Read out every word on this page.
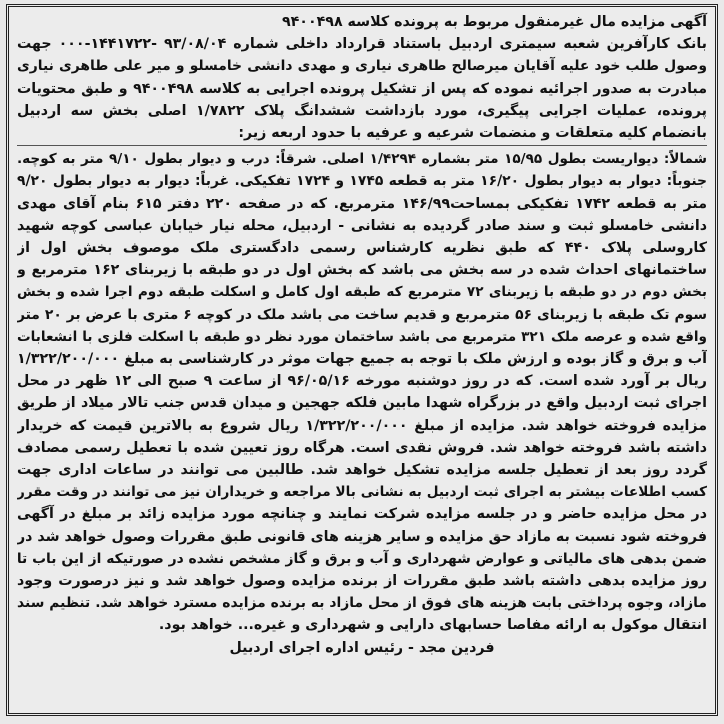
آگهی مزایده مال غیرمنقول مربوط به پرونده کلاسه ۹۴۰۰۴۹۸
بانک کارآفرین شعبه سیمتری اردبیل باستناد قرارداد داخلی شماره ۹۳/۰۸/۰۴ -۱۴۴۱۷۲۲-۰۰۰ جهت
وصول طلب خود علیه آقایان میرصالح طاهری نیاری و مهدی دانشی خامسلو و میر علی طاهری نیاری
مبادرت به صدور اجرائیه نموده که پس از تشکیل پرونده اجرایی به کلاسه ۹۴۰۰۴۹۸ و طبق محتویات
پرونده، عملیات اجرایی پیگیری، مورد بازداشت ششدانگ پلاک ۱/۷۸۲۲ اصلی بخش سه اردبیل
بانضمام کلیه متعلقات و منضمات شرعیه و عرفیه با حدود اربعه زیر:
شمالاً: دیواریست بطول ۱۵/۹۵ متر بشماره ۱/۴۲۹۴ اصلی. شرقاً: درب و دیوار بطول ۹/۱۰ متر به کوچه.
جنوباً: دیوار به دیوار بطول ۱۶/۲۰ متر به قطعه ۱۷۴۵ و ۱۷۲۴ تفکیکی. غرباً: دیوار به دیوار بطول ۹/۲۰
متر به قطعه ۱۷۴۲ تفکیکی بمساحت۱۴۶/۹۹ مترمربع. که در صفحه ۲۲۰ دفتر ۶۱۵ بنام آقای مهدی
دانشی خامسلو ثبت و سند صادر گردیده به نشانی - اردبیل، محله نیار خیابان عباسی کوچه شهید
کاروسلی پلاک ۴۴۰ که طبق نظریه کارشناس رسمی دادگستری ملک موصوف بخش اول از
ساختمانهای احداث شده در سه بخش می باشد که بخش اول در دو طبقه با زیربنای ۱۶۲ مترمربع و
بخش دوم در دو طبقه با زیربنای ۷۲ مترمربع که طبقه اول کامل و اسکلت طبقه دوم اجرا شده و بخش
سوم تک طبقه با زیربنای ۵۶ مترمربع و قدیم ساخت می باشد ملک در کوچه ۶ متری با عرض بر ۲۰ متر
واقع شده و عرصه ملک ۳۲۱ مترمربع می باشد ساختمان مورد نظر دو طبقه با اسکلت فلزی با انشعابات
آب و برق و گاز بوده و ارزش ملک با توجه به جمیع جهات موثر در کارشناسی به مبلغ ۱/۳۲۲/۲۰۰/۰۰۰
ریال بر آورد شده است. که در روز دوشنبه مورخه ۹۶/۰۵/۱۶ از ساعت ۹ صبح الی ۱۲ ظهر در محل
اجرای ثبت اردبیل واقع در بزرگراه شهدا مابین فلکه جهجین و میدان قدس جنب تالار میلاد از طریق
مزایده فروخته خواهد شد. مزایده از مبلغ ۱/۳۲۲/۲۰۰/۰۰۰ ریال شروع به بالاترین قیمت که خریدار
داشته باشد فروخته خواهد شد. فروش نقدی است. هرگاه روز تعیین شده با تعطیل رسمی مصادف
گردد روز بعد از تعطیل جلسه مزایده تشکیل خواهد شد. طالبین می توانند در ساعات اداری جهت
کسب اطلاعات بیشتر به اجرای ثبت اردبیل به نشانی بالا مراجعه و خریداران نیز می توانند در وقت مقرر
در محل مزایده حاضر و در جلسه مزایده شرکت نمایند و چنانچه مورد مزایده زائد بر مبلغ در آگهی
فروخته شود نسبت به مازاد حق مزایده و سایر هزینه های قانونی طبق مقررات وصول خواهد شد در
ضمن بدهی های مالیاتی و عوارض شهرداری و آب و برق و گاز مشخص نشده در صورتیکه از این باب تا
روز مزایده بدهی داشته باشد طبق مقررات از برنده مزایده وصول خواهد شد و نیز درصورت وجود
مازاد، وجوه پرداختی بابت هزینه های فوق از محل مازاد به برنده مزایده مسترد خواهد شد. تنظیم سند
انتقال موکول به ارائه مفاصا حسابهای دارایی و شهرداری و غیره... خواهد بود.
فردین مجد - رئیس اداره اجرای اردبیل
